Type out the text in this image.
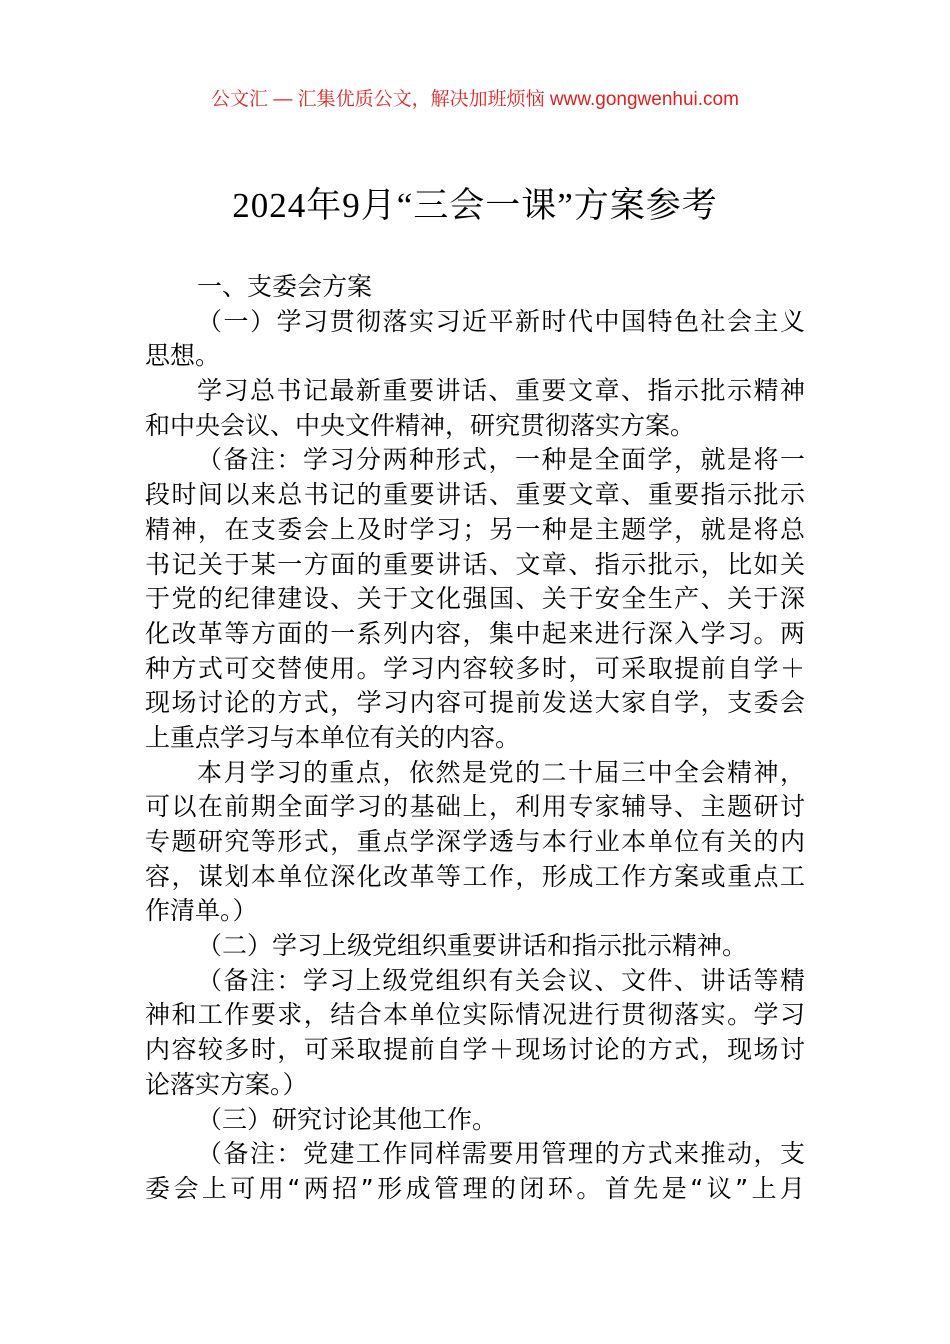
公文汇 — 汇集优质公文，解决加班烦恼 www.gongwenhui.com
2024年9月“三会一课”方案参考
一、支委会方案
（一）学习贯彻落实习近平新时代中国特色社会主义
思想。
学习总书记最新重要讲话、重要文章、指示批示精神
和中央会议、中央文件精神，研究贯彻落实方案。
（备注：学习分两种形式，一种是全面学，就是将一
段时间以来总书记的重要讲话、重要文章、重要指示批示
精神，在支委会上及时学习；另一种是主题学，就是将总
书记关于某一方面的重要讲话、文章、指示批示，比如关
于党的纪律建设、关于文化强国、关于安全生产、关于深
化改革等方面的一系列内容，集中起来进行深入学习。两
种方式可交替使用。学习内容较多时，可采取提前自学＋
现场讨论的方式，学习内容可提前发送大家自学，支委会
上重点学习与本单位有关的内容。
本月学习的重点，依然是党的二十届三中全会精神，
可以在前期全面学习的基础上，利用专家辅导、主题研讨
专题研究等形式，重点学深学透与本行业本单位有关的内
容，谋划本单位深化改革等工作，形成工作方案或重点工
作清单。）
（二）学习上级党组织重要讲话和指示批示精神。
（备注：学习上级党组织有关会议、文件、讲话等精
神和工作要求，结合本单位实际情况进行贯彻落实。学习
内容较多时，可采取提前自学＋现场讨论的方式，现场讨
论落实方案。）
（三）研究讨论其他工作。
（备注：党建工作同样需要用管理的方式来推动，支
委会上可用“两招”形成管理的闭环。首先是“议”上月
